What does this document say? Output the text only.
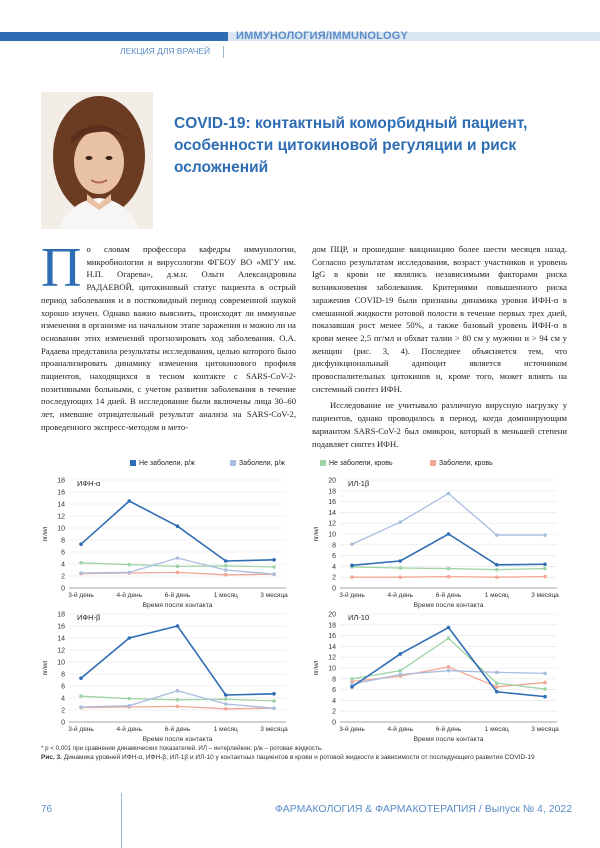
ИММУНОЛОГИЯ/IMMUNOLOGY
ЛЕКЦИЯ ДЛЯ ВРАЧЕЙ
COVID-19: контактный коморбидный пациент, особенности цитокиновой регуляции и риск осложнений
П о словам профессора кафедры иммунологии, микробиологии и вирусологии ФГБОУ ВО «МГУ им. Н.П. Огарева», д.м.н. Ольги Александровны РАДАЕВОЙ, цитокиновый статус пациента в острый период заболевания и в постковидный период современной наукой хорошо изучен. Однако важно выяснить, происходят ли иммунные изменения в организме на начальном этапе заражения и можно ли на основании этих изменений прогнозировать ход заболевания. О.А. Радаева представила результаты исследования, целью которого было проанализировать динамику изменения цитокинового профиля пациентов, находящихся в тесном контакте с SARS-CoV-2-позитивными больными, с учетом развития заболевания в течение последующих 14 дней. В исследование были включены лица 30–60 лет, имевшие отрицательный результат анализа на SARS-CoV-2, проведенного экспресс-методом и мето-

дом ПЦР, и прошедшие вакцинацию более шести месяцев назад. Согласно результатам исследования, возраст участников и уровень IgG в крови не являлись независимыми факторами риска возникновения заболевания. Критериями повышенного риска заражения COVID-19 были признаны динамика уровня ИФН-α в смешанной жидкости ротовой полости в течение первых трех дней, показавшая рост менее 50%, а также базовый уровень ИФН-α в крови менее 2,5 пг/мл и обхват талии > 80 см у мужчин и > 94 см у женщин (рис. 3, 4). Последнее объясняется тем, что дисфункциональный адипоцит является источником провоспалительных цитокинов и, кроме того, может влиять на системный синтез ИФН.

Исследование не учитывало различную вирусную нагрузку у пациентов, однако проводилось в период, когда доминирующим вариантом SARS-CoV-2 был омикрон, который в меньшей степени подавляет синтез ИФН.

Не заболели, р/ж	Заболели, р/ж	Не заболели, кровь	Заболели, кровь
0
2
4
6
8
10
12
14
16
18
3-й день	4-й день	6-й день	1 месяц	3 месяца
Время после контакта
пг/мл
ИФН-α
0
2
4
6
8
10
12
14
16
18
20
3-й день	4-й день	6-й день	1 месяц	3 месяца
Время после контакта
пг/мл
ИЛ-1β
0
2
4
6
8
10
12
14
16
18
3-й день	4-й день	6-й день	1 месяц	3 месяца
Время после контакта
пг/мл
ИФН-β
0
2
4
6
8
10
12
14
16
18
20
3-й день	4-й день	6-й день	1 месяц	3 месяца
Время после контакта
пг/мл
ИЛ-10
* p < 0,001 при сравнении динамических показателей. ИЛ – интерлейкин; р/ж – ротовая жидкость.
Рис. 3. Динамика уровней ИФН-α, ИФН-β, ИЛ-1β и ИЛ-10 у контактных пациентов в крови и ротовой жидкости в зависимости от последующего развития COVID-19
76	ФАРМАКОЛОГИЯ & ФАРМАКОТЕРАПИЯ / Выпуск № 4, 2022
